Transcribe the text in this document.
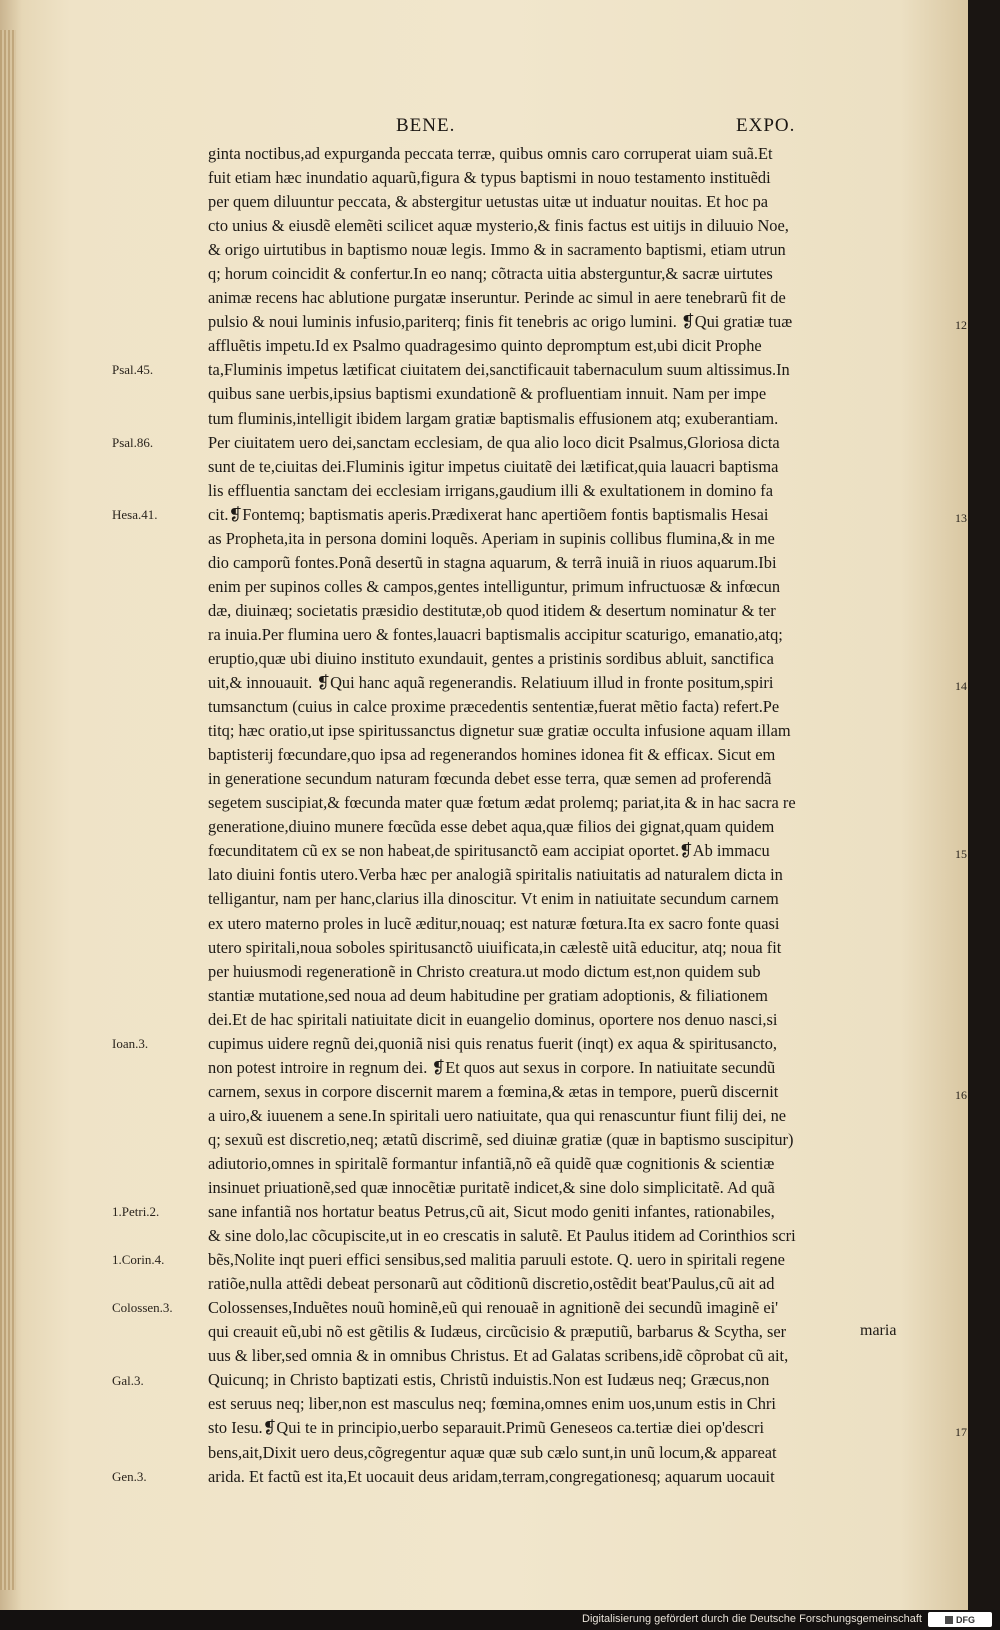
BENE.	EXPO.
ginta noctibus,ad expurganda peccata terræ, quibus omnis caro corruperat uiam suã.Et
fuit etiam hæc inundatio aquarũ,figura & typus baptismi in nouo testamento instituẽdi
per quem diluuntur peccata, & abstergitur uetustas uitæ ut induatur nouitas. Et hoc pa
cto unius & eiusdẽ elemẽti scilicet aquæ mysterio,& finis factus est uitijs in diluuio Noe,
& origo uirtutibus in baptismo nouæ legis. Immo & in sacramento baptismi, etiam utrun
q; horum coincidit & confertur.In eo nanq; cõtracta uitia absterguntur,& sacræ uirtutes
animæ recens hac ablutione purgatæ inseruntur. Perinde ac simul in aere tenebrarũ fit de
pulsio & noui luminis infusio,pariterq; finis fit tenebris ac origo lumini. ❡Qui gratiæ tuæ
affluẽtis impetu.Id ex Psalmo quadragesimo quinto depromptum est,ubi dicit Prophe
ta,Fluminis impetus lætificat ciuitatem dei,sanctificauit tabernaculum suum altissimus.In
quibus sane uerbis,ipsius baptismi exundationẽ & profluentiam innuit. Nam per impe
tum fluminis,intelligit ibidem largam gratiæ baptismalis effusionem atq; exuberantiam.
Per ciuitatem uero dei,sanctam ecclesiam, de qua alio loco dicit Psalmus,Gloriosa dicta
sunt de te,ciuitas dei.Fluminis igitur impetus ciuitatẽ dei lætificat,quia lauacri baptisma
lis effluentia sanctam dei ecclesiam irrigans,gaudium illi & exultationem in domino fa
cit.❡Fontemq; baptismatis aperis.Prædixerat hanc apertiõem fontis baptismalis Hesai
as Propheta,ita in persona domini loquẽs. Aperiam in supinis collibus flumina,& in me
dio camporũ fontes.Ponã desertũ in stagna aquarum, & terrã inuiã in riuos aquarum.Ibi
enim per supinos colles & campos,gentes intelliguntur, primum infructuosæ & infœcun
dæ, diuinæq; societatis præsidio destitutæ,ob quod itidem & desertum nominatur & ter
ra inuia.Per flumina uero & fontes,lauacri baptismalis accipitur scaturigo, emanatio,atq;
eruptio,quæ ubi diuino instituto exundauit, gentes a pristinis sordibus abluit, sanctifica
uit,& innouauit. ❡Qui hanc aquã regenerandis. Relatiuum illud in fronte positum,spiri
tumsanctum (cuius in calce proxime præcedentis sententiæ,fuerat mẽtio facta) refert.Pe
titq; hæc oratio,ut ipse spiritussanctus dignetur suæ gratiæ occulta infusione aquam illam
baptisterij fœcundare,quo ipsa ad regenerandos homines idonea fit & efficax. Sicut em
in generatione secundum naturam fœcunda debet esse terra, quæ semen ad proferendã
segetem suscipiat,& fœcunda mater quæ fœtum ædat prolemq; pariat,ita & in hac sacra re
generatione,diuino munere fœcũda esse debet aqua,quæ filios dei gignat,quam quidem
fœcunditatem cũ ex se non habeat,de spiritusanctõ eam accipiat oportet.❡Ab immacu
lato diuini fontis utero.Verba hæc per analogiã spiritalis natiuitatis ad naturalem dicta in
telligantur, nam per hanc,clarius illa dinoscitur. Vt enim in natiuitate secundum carnem
ex utero materno proles in lucẽ æditur,nouaq; est naturæ fœtura.Ita ex sacro fonte quasi
utero spiritali,noua soboles spiritusanctõ uiuificata,in cælestẽ uitã educitur, atq; noua fit
per huiusmodi regenerationẽ in Christo creatura.ut modo dictum est,non quidem sub
stantiæ mutatione,sed noua ad deum habitudine per gratiam adoptionis, & filiationem
dei.Et de hac spiritali natiuitate dicit in euangelio dominus, oportere nos denuo nasci,si
cupimus uidere regnũ dei,quoniã nisi quis renatus fuerit (inqt) ex aqua & spiritusancto,
non potest introire in regnum dei. ❡Et quos aut sexus in corpore. In natiuitate secundũ
carnem, sexus in corpore discernit marem a fœmina,& ætas in tempore, puerũ discernit
a uiro,& iuuenem a sene.In spiritali uero natiuitate, qua qui renascuntur fiunt filij dei, ne
q; sexuũ est discretio,neq; ætatũ discrimẽ, sed diuinæ gratiæ (quæ in baptismo suscipitur)
adiutorio,omnes in spiritalẽ formantur infantiã,nõ eã quidẽ quæ cognitionis & scientiæ
insinuet priuationẽ,sed quæ innocẽtiæ puritatẽ indicet,& sine dolo simplicitatẽ. Ad quã
sane infantiã nos hortatur beatus Petrus,cũ ait, Sicut modo geniti infantes, rationabiles,
& sine dolo,lac cõcupiscite,ut in eo crescatis in salutẽ. Et Paulus itidem ad Corinthios scri
bẽs,Nolite inqt pueri effici sensibus,sed malitia paruuli estote. Q. uero in spiritali regene
ratiõe,nulla attẽdi debeat personarũ aut cõditionũ discretio,ostẽdit beat'Paulus,cũ ait ad
Colossenses,Induẽtes nouũ hominẽ,eũ qui renouaẽ in agnitionẽ dei secundũ imaginẽ ei'
qui creauit eũ,ubi nõ est gẽtilis & Iudæus, circũcisio & præputiũ, barbarus & Scytha, ser
uus & liber,sed omnia & in omnibus Christus. Et ad Galatas scribens,idẽ cõprobat cũ ait,
Quicunq; in Christo baptizati estis, Christũ induistis.Non est Iudæus neq; Græcus,non
est seruus neq; liber,non est masculus neq; fœmina,omnes enim uos,unum estis in Chri
sto Iesu.❡Qui te in principio,uerbo separauit.Primũ Geneseos ca.tertiæ diei op'descri
bens,ait,Dixit uero deus,cõgregentur aquæ quæ sub cælo sunt,in unũ locum,& appareat
arida. Et factũ est ita,Et uocauit deus aridam,terram,congregationesq; aquarum uocauit
Psal.45.
Psal.86.
Hesa.41.
Ioan.3.
1.Petri.2.
1.Corin.4.
Colossen.3.
Gal.3.
Gen.3.
12
13
14
15
16
17
maria
Digitalisierung gefördert durch die Deutsche Forschungsgemeinschaft	DFG
